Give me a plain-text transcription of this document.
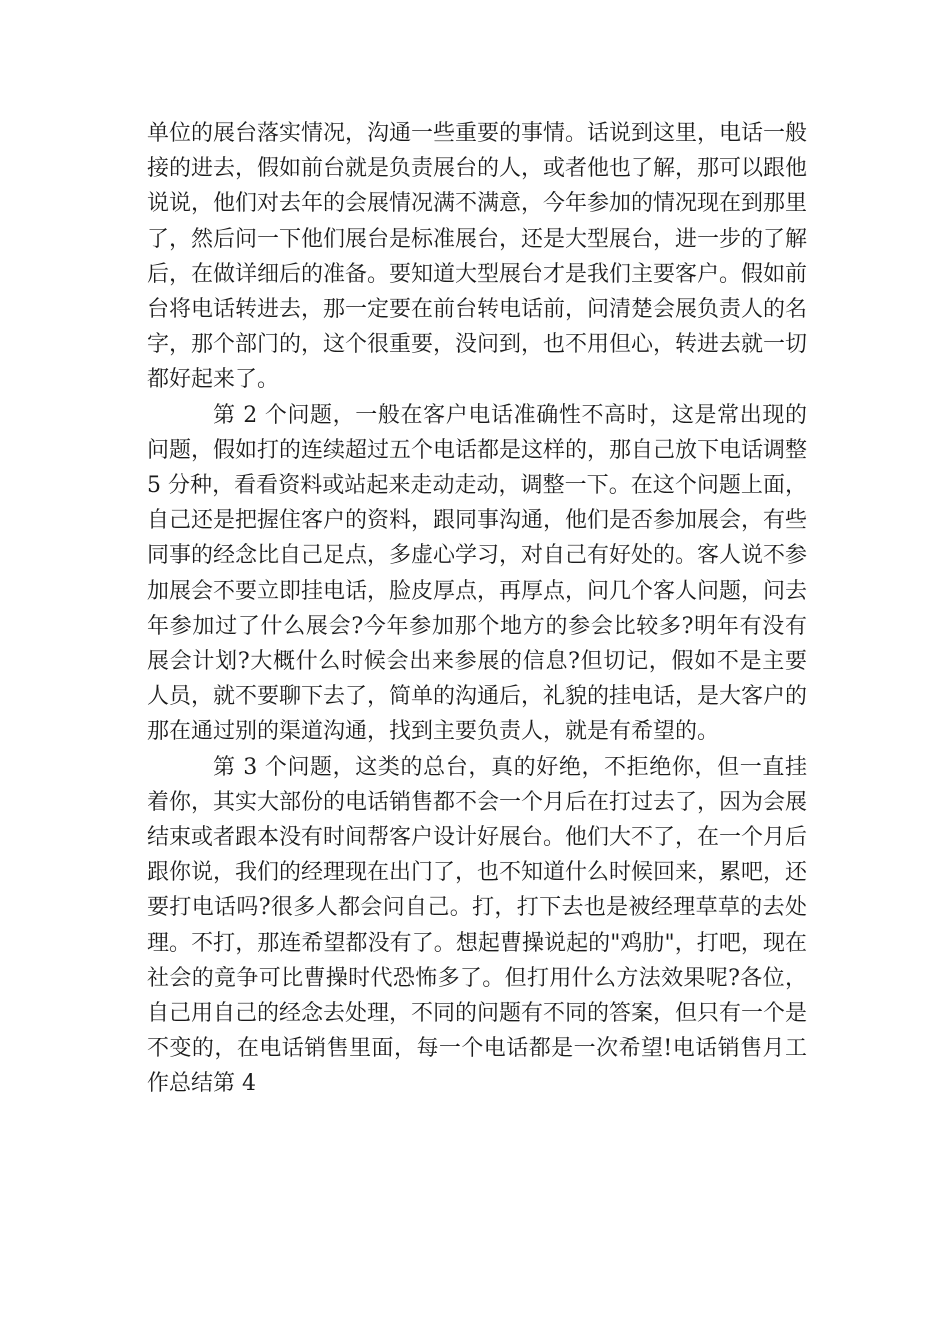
单位的展台落实情况，沟通一些重要的事情。话说到这里，电话一般接的进去，假如前台就是负责展台的人，或者他也了解，那可以跟他说说，他们对去年的会展情况满不满意，今年参加的情况现在到那里了，然后问一下他们展台是标准展台，还是大型展台，进一步的了解后，在做详细后的准备。要知道大型展台才是我们主要客户。假如前台将电话转进去，那一定要在前台转电话前，问清楚会展负责人的名字，那个部门的，这个很重要，没问到，也不用但心，转进去就一切都好起来了。

第 2 个问题，一般在客户电话准确性不高时，这是常出现的问题，假如打的连续超过五个电话都是这样的，那自己放下电话调整 5 分种，看看资料或站起来走动走动，调整一下。在这个问题上面，自己还是把握住客户的资料，跟同事沟通，他们是否参加展会，有些同事的经念比自己足点，多虚心学习，对自己有好处的。客人说不参加展会不要立即挂电话，脸皮厚点，再厚点，问几个客人问题，问去年参加过了什么展会?今年参加那个地方的参会比较多?明年有没有展会计划?大概什么时候会出来参展的信息?但切记，假如不是主要人员，就不要聊下去了，简单的沟通后，礼貌的挂电话，是大客户的那在通过别的渠道沟通，找到主要负责人，就是有希望的。

第 3 个问题，这类的总台，真的好绝，不拒绝你，但一直挂着你，其实大部份的电话销售都不会一个月后在打过去了，因为会展结束或者跟本没有时间帮客户设计好展台。他们大不了，在一个月后跟你说，我们的经理现在出门了，也不知道什么时候回来，累吧，还要打电话吗?很多人都会问自己。打，打下去也是被经理草草的去处理。不打，那连希望都没有了。想起曹操说起的"鸡肋"，打吧，现在社会的竟争可比曹操时代恐怖多了。但打用什么方法效果呢?各位，自己用自己的经念去处理，不同的问题有不同的答案，但只有一个是不变的，在电话销售里面，每一个电话都是一次希望!电话销售月工作总结第 4
